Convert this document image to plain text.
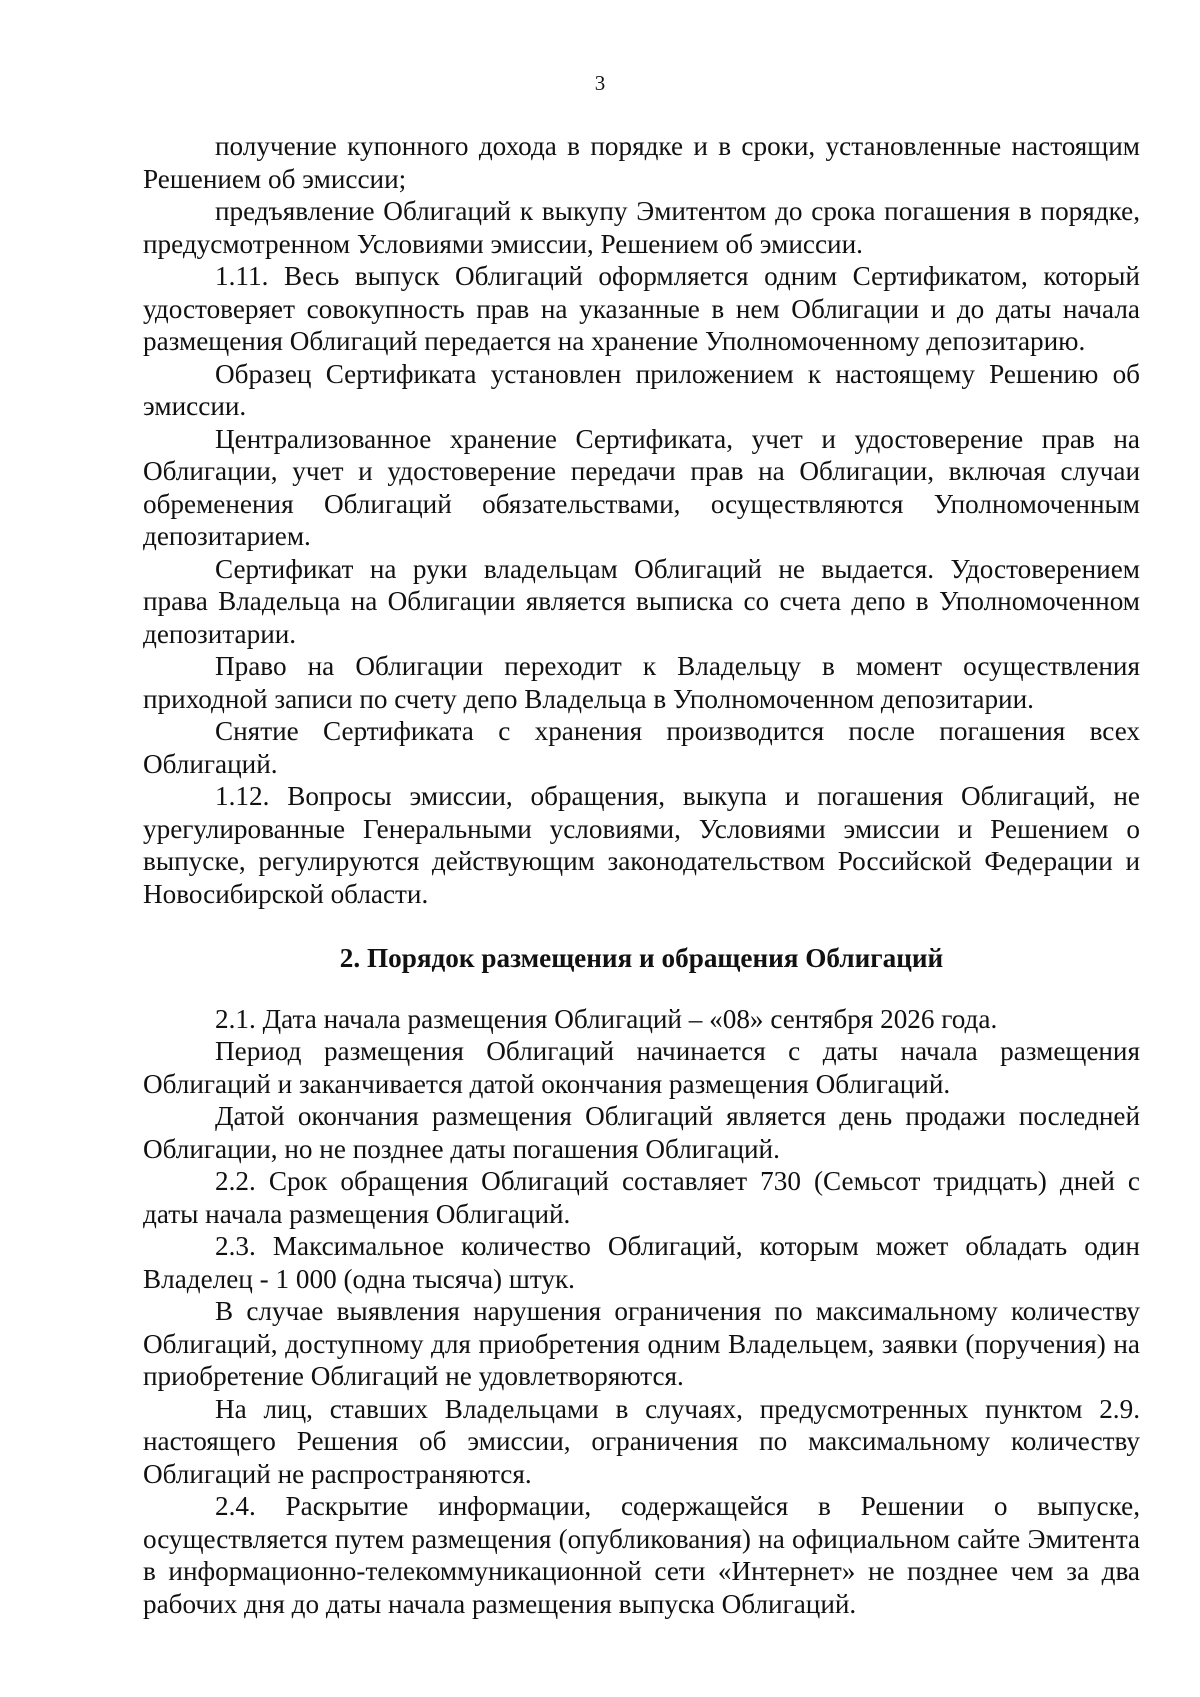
3

получение купонного дохода в порядке и в сроки, установленные настоящим Решением об эмиссии;

предъявление Облигаций к выкупу Эмитентом до срока погашения в порядке, предусмотренном Условиями эмиссии, Решением об эмиссии.

1.11. Весь выпуск Облигаций оформляется одним Сертификатом, который удостоверяет совокупность прав на указанные в нем Облигации и до даты начала размещения Облигаций передается на хранение Уполномоченному депозитарию.

Образец Сертификата установлен приложением к настоящему Решению об эмиссии.

Централизованное хранение Сертификата, учет и удостоверение прав на Облигации, учет и удостоверение передачи прав на Облигации, включая случаи обременения Облигаций обязательствами, осуществляются Уполномоченным депозитарием.

Сертификат на руки владельцам Облигаций не выдается. Удостоверением права Владельца на Облигации является выписка со счета депо в Уполномоченном депозитарии.

Право на Облигации переходит к Владельцу в момент осуществления приходной записи по счету депо Владельца в Уполномоченном депозитарии.

Снятие Сертификата с хранения производится после погашения всех Облигаций.

1.12. Вопросы эмиссии, обращения, выкупа и погашения Облигаций, не урегулированные Генеральными условиями, Условиями эмиссии и Решением о выпуске, регулируются действующим законодательством Российской Федерации и Новосибирской области.

2. Порядок размещения и обращения Облигаций

2.1. Дата начала размещения Облигаций – «08» сентября 2026 года.

Период размещения Облигаций начинается с даты начала размещения Облигаций и заканчивается датой окончания размещения Облигаций.

Датой окончания размещения Облигаций является день продажи последней Облигации, но не позднее даты погашения Облигаций.

2.2. Срок обращения Облигаций составляет 730 (Семьсот тридцать) дней с даты начала размещения Облигаций.

2.3. Максимальное количество Облигаций, которым может обладать один Владелец - 1 000 (одна тысяча) штук.

В случае выявления нарушения ограничения по максимальному количеству Облигаций, доступному для приобретения одним Владельцем, заявки (поручения) на приобретение Облигаций не удовлетворяются.

На лиц, ставших Владельцами в случаях, предусмотренных пунктом 2.9. настоящего Решения об эмиссии, ограничения по максимальному количеству Облигаций не распространяются.

2.4. Раскрытие информации, содержащейся в Решении о выпуске, осуществляется путем размещения (опубликования) на официальном сайте Эмитента в информационно-телекоммуникационной сети «Интернет» не позднее чем за два рабочих дня до даты начала размещения выпуска Облигаций.
